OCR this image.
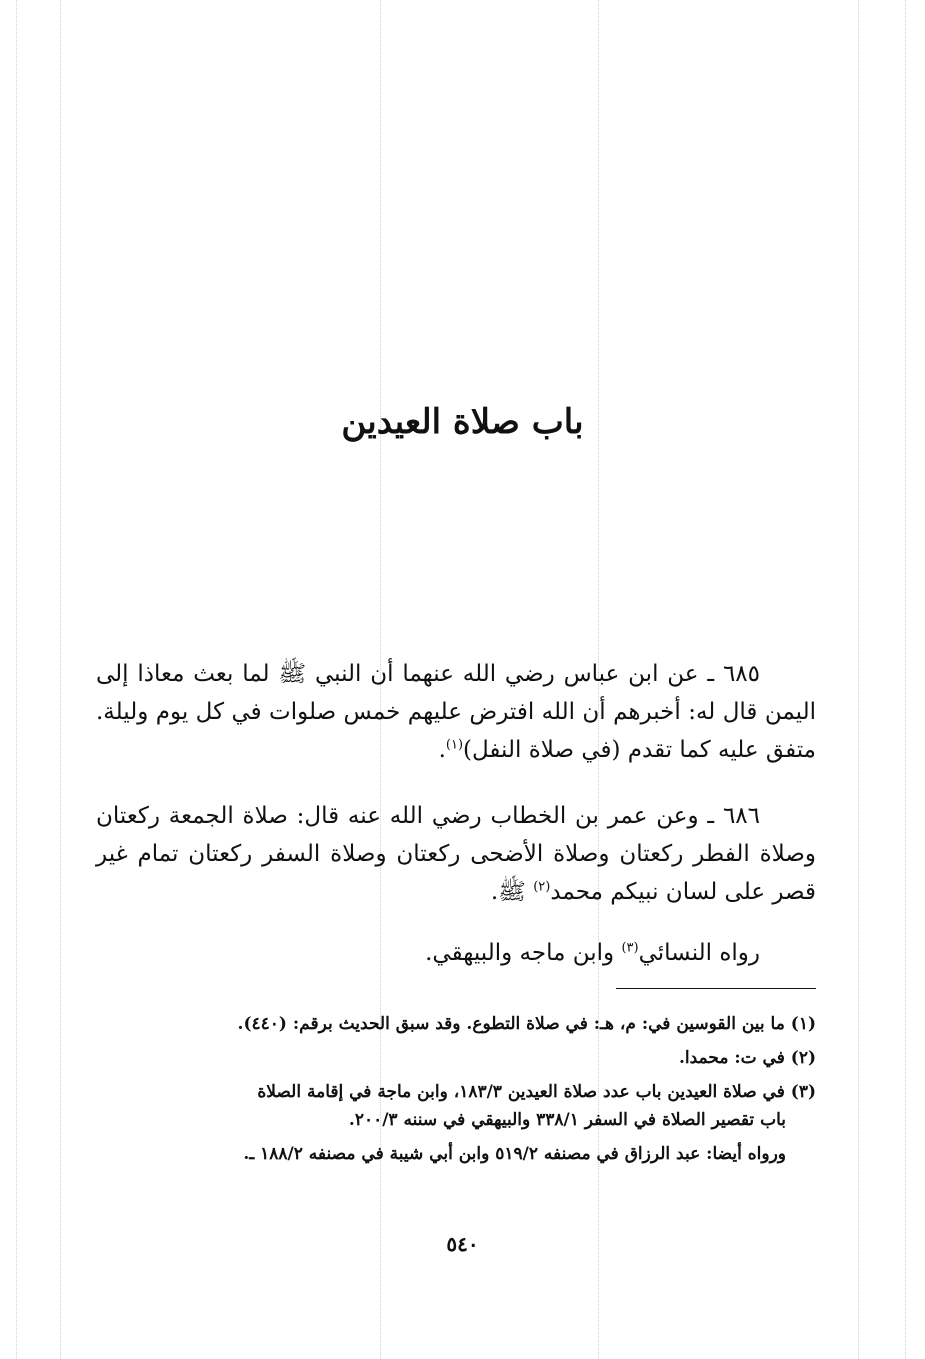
باب صلاة العيدين

٦٨٥ ـ عن ابن عباس رضي الله عنهما أن النبي ﷺ لما بعث معاذا إلى اليمن قال له: أخبرهم أن الله افترض عليهم خمس صلوات في كل يوم وليلة. متفق عليه كما تقدم (في صلاة النفل)$^{(١)}$.

٦٨٦ ـ وعن عمر بن الخطاب رضي الله عنه قال: صلاة الجمعة ركعتان وصلاة الفطر ركعتان وصلاة الأضحى ركعتان وصلاة السفر ركعتان تمام غير قصر على لسان نبيكم محمد$^{(٢)}$ ﷺ.

رواه النسائي$^{(٣)}$ وابن ماجه والبيهقي.

(١) ما بين القوسين في: م، هـ: في صلاة التطوع. وقد سبق الحديث برقم: (٤٤٠).

(٢) في ت: محمدا.

(٣) في صلاة العيدين باب عدد صلاة العيدين ١٨٣/٣، وابن ماجة في إقامة الصلاة

باب تقصير الصلاة في السفر ٣٣٨/١ والبيهقي في سننه ٢٠٠/٣.

ورواه أيضا: عبد الرزاق في مصنفه ٥١٩/٢ وابن أبي شيبة في مصنفه ١٨٨/٢ ـ.

٥٤٠
